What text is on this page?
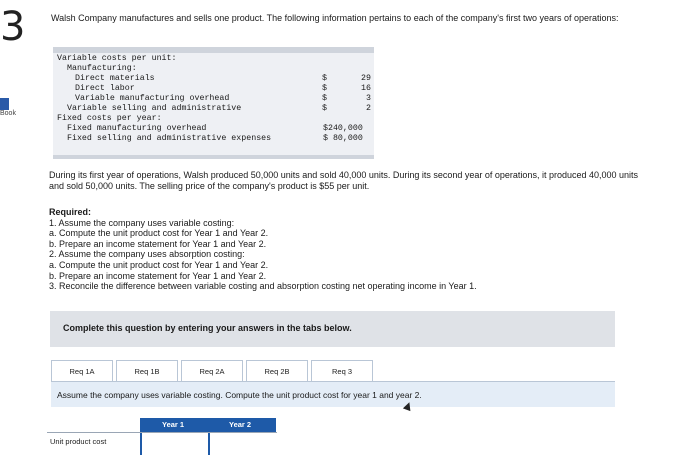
3
Book
Walsh Company manufactures and sells one product. The following information pertains to each of the company's first two years of operations:
Variable costs per unit:
Manufacturing:
Direct materials	$	29
Direct labor	$	16
Variable manufacturing overhead	$	3
Variable selling and administrative	$	2
Fixed costs per year:
Fixed manufacturing overhead	$240,000
Fixed selling and administrative expenses	$ 80,000
During its first year of operations, Walsh produced 50,000 units and sold 40,000 units. During its second year of operations, it produced 40,000 units and sold 50,000 units. The selling price of the company's product is $55 per unit.
Required:
1. Assume the company uses variable costing:
a. Compute the unit product cost for Year 1 and Year 2.
b. Prepare an income statement for Year 1 and Year 2.
2. Assume the company uses absorption costing:
a. Compute the unit product cost for Year 1 and Year 2.
b. Prepare an income statement for Year 1 and Year 2.
3. Reconcile the difference between variable costing and absorption costing net operating income in Year 1.
Complete this question by entering your answers in the tabs below.
Req 1A	Req 1B	Req 2A	Req 2B	Req 3
Assume the company uses variable costing. Compute the unit product cost for year 1 and year 2.
Year 1	Year 2
Unit product cost
